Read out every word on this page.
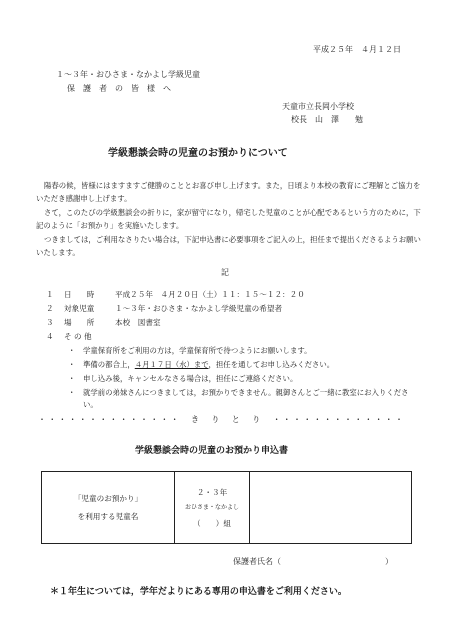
平成２５年　４月１２日
１～３年・おひさま・なかよし学級児童
保　護　者　の　皆　様　へ
天童市立長岡小学校
校長　山　澤　　勉
学級懇談会時の児童のお預かりについて

陽春の候，皆様にはますますご健勝のこととお喜び申し上げます。また，日頃より本校の教育にご理解とご協力をいただき感謝申し上げます。

さて，このたびの学級懇談会の折りに，家が留守になり，帰宅した児童のことが心配であるという方のために，下記のように「お預かり」を実施いたします。

つきましては，ご利用なさりたい場合は，下記申込書に必要事項をご記入の上，担任まで提出くださるようお願いいたします。

記
１ 日　　時	平成２５年　４月２０日（土）１１：１５～１２：２０
２ 対象児童	１～３年・おひさま・なかよし学級児童の希望者
３ 場　　所	本校　図書室
４ そ の 他
・ 学童保育所をご利用の方は，学童保育所で待つようにお願いします。
・ 準備の都合上，４月１７日（水）まで，担任を通してお申し込みください。
・ 申し込み後，キャンセルなさる場合は，担任にご連絡ください。
・ 就学前の弟妹さんにつきましては，お預かりできません。親御さんとご一緒に教室にお入りください。
・・・・・・・・・・・・・・　き　り　と　り　・・・・・・・・・・・・・
学級懇談会時の児童のお預かり申込書
「児童のお預かり」
を利用する児童名

２・３年
おひさま・なかよし
（　　）組

保護者氏名（　　　　　　　　　　　　　）
＊１年生については，学年だよりにある専用の申込書をご利用ください。
